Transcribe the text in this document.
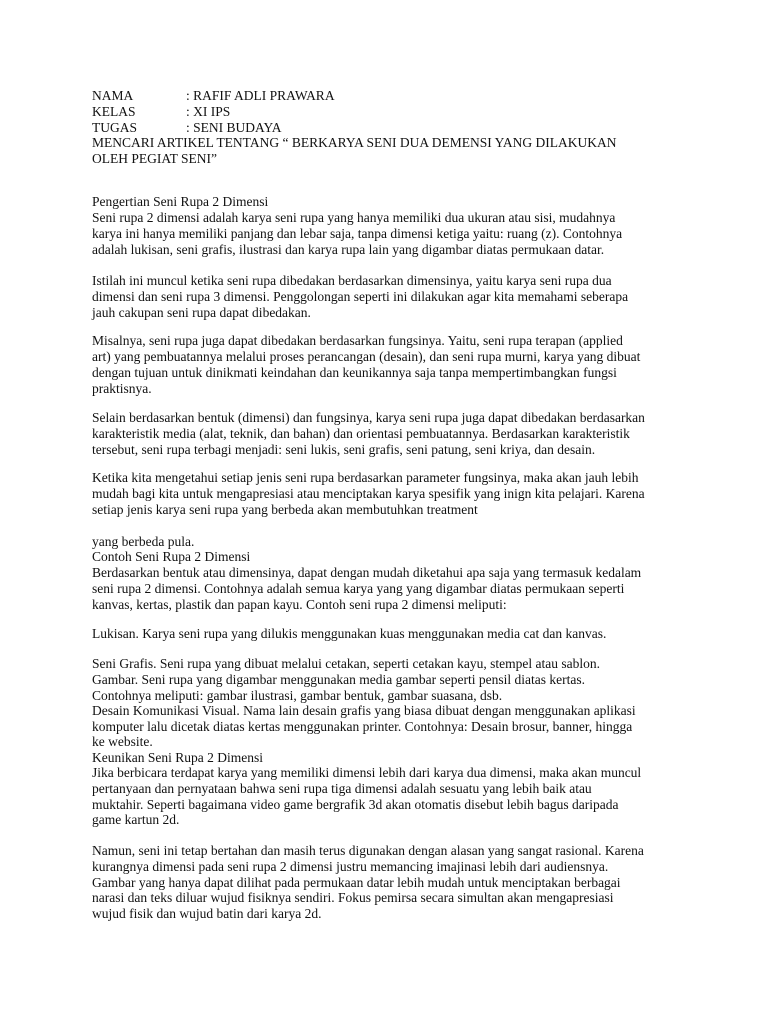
NAMA	: RAFIF ADLI PRAWARA
KELAS	: XI IPS
TUGAS	: SENI BUDAYA
MENCARI ARTIKEL TENTANG “ BERKARYA SENI DUA DEMENSI YANG DILAKUKAN
OLEH PEGIAT SENI”
Pengertian Seni Rupa 2 Dimensi
Seni rupa 2 dimensi adalah karya seni rupa yang hanya memiliki dua ukuran atau sisi, mudahnya
karya ini hanya memiliki panjang dan lebar saja, tanpa dimensi ketiga yaitu: ruang (z). Contohnya
adalah lukisan, seni grafis, ilustrasi dan karya rupa lain yang digambar diatas permukaan datar.
Istilah ini muncul ketika seni rupa dibedakan berdasarkan dimensinya, yaitu karya seni rupa dua
dimensi dan seni rupa 3 dimensi. Penggolongan seperti ini dilakukan agar kita memahami seberapa
jauh cakupan seni rupa dapat dibedakan.
Misalnya, seni rupa juga dapat dibedakan berdasarkan fungsinya. Yaitu, seni rupa terapan (applied
art) yang pembuatannya melalui proses perancangan (desain), dan seni rupa murni, karya yang dibuat
dengan tujuan untuk dinikmati keindahan dan keunikannya saja tanpa mempertimbangkan fungsi
praktisnya.
Selain berdasarkan bentuk (dimensi) dan fungsinya, karya seni rupa juga dapat dibedakan berdasarkan
karakteristik media (alat, teknik, dan bahan) dan orientasi pembuatannya. Berdasarkan karakteristik
tersebut, seni rupa terbagi menjadi: seni lukis, seni grafis, seni patung, seni kriya, dan desain.
Ketika kita mengetahui setiap jenis seni rupa berdasarkan parameter fungsinya, maka akan jauh lebih
mudah bagi kita untuk mengapresiasi atau menciptakan karya spesifik yang inign kita pelajari. Karena
setiap jenis karya seni rupa yang berbeda akan membutuhkan treatment
yang berbeda pula.
Contoh Seni Rupa 2 Dimensi
Berdasarkan bentuk atau dimensinya, dapat dengan mudah diketahui apa saja yang termasuk kedalam
seni rupa 2 dimensi. Contohnya adalah semua karya yang yang digambar diatas permukaan seperti
kanvas, kertas, plastik dan papan kayu. Contoh seni rupa 2 dimensi meliputi:
Lukisan. Karya seni rupa yang dilukis menggunakan kuas menggunakan media cat dan kanvas.
Seni Grafis. Seni rupa yang dibuat melalui cetakan, seperti cetakan kayu, stempel atau sablon.
Gambar. Seni rupa yang digambar menggunakan media gambar seperti pensil diatas kertas.
Contohnya meliputi: gambar ilustrasi, gambar bentuk, gambar suasana, dsb.
Desain Komunikasi Visual. Nama lain desain grafis yang biasa dibuat dengan menggunakan aplikasi
komputer lalu dicetak diatas kertas menggunakan printer. Contohnya: Desain brosur, banner, hingga
ke website.
Keunikan Seni Rupa 2 Dimensi
Jika berbicara terdapat karya yang memiliki dimensi lebih dari karya dua dimensi, maka akan muncul
pertanyaan dan pernyataan bahwa seni rupa tiga dimensi adalah sesuatu yang lebih baik atau
muktahir. Seperti bagaimana video game bergrafik 3d akan otomatis disebut lebih bagus daripada
game kartun 2d.
Namun, seni ini tetap bertahan dan masih terus digunakan dengan alasan yang sangat rasional. Karena
kurangnya dimensi pada seni rupa 2 dimensi justru memancing imajinasi lebih dari audiensnya.
Gambar yang hanya dapat dilihat pada permukaan datar lebih mudah untuk menciptakan berbagai
narasi dan teks diluar wujud fisiknya sendiri. Fokus pemirsa secara simultan akan mengapresiasi
wujud fisik dan wujud batin dari karya 2d.
